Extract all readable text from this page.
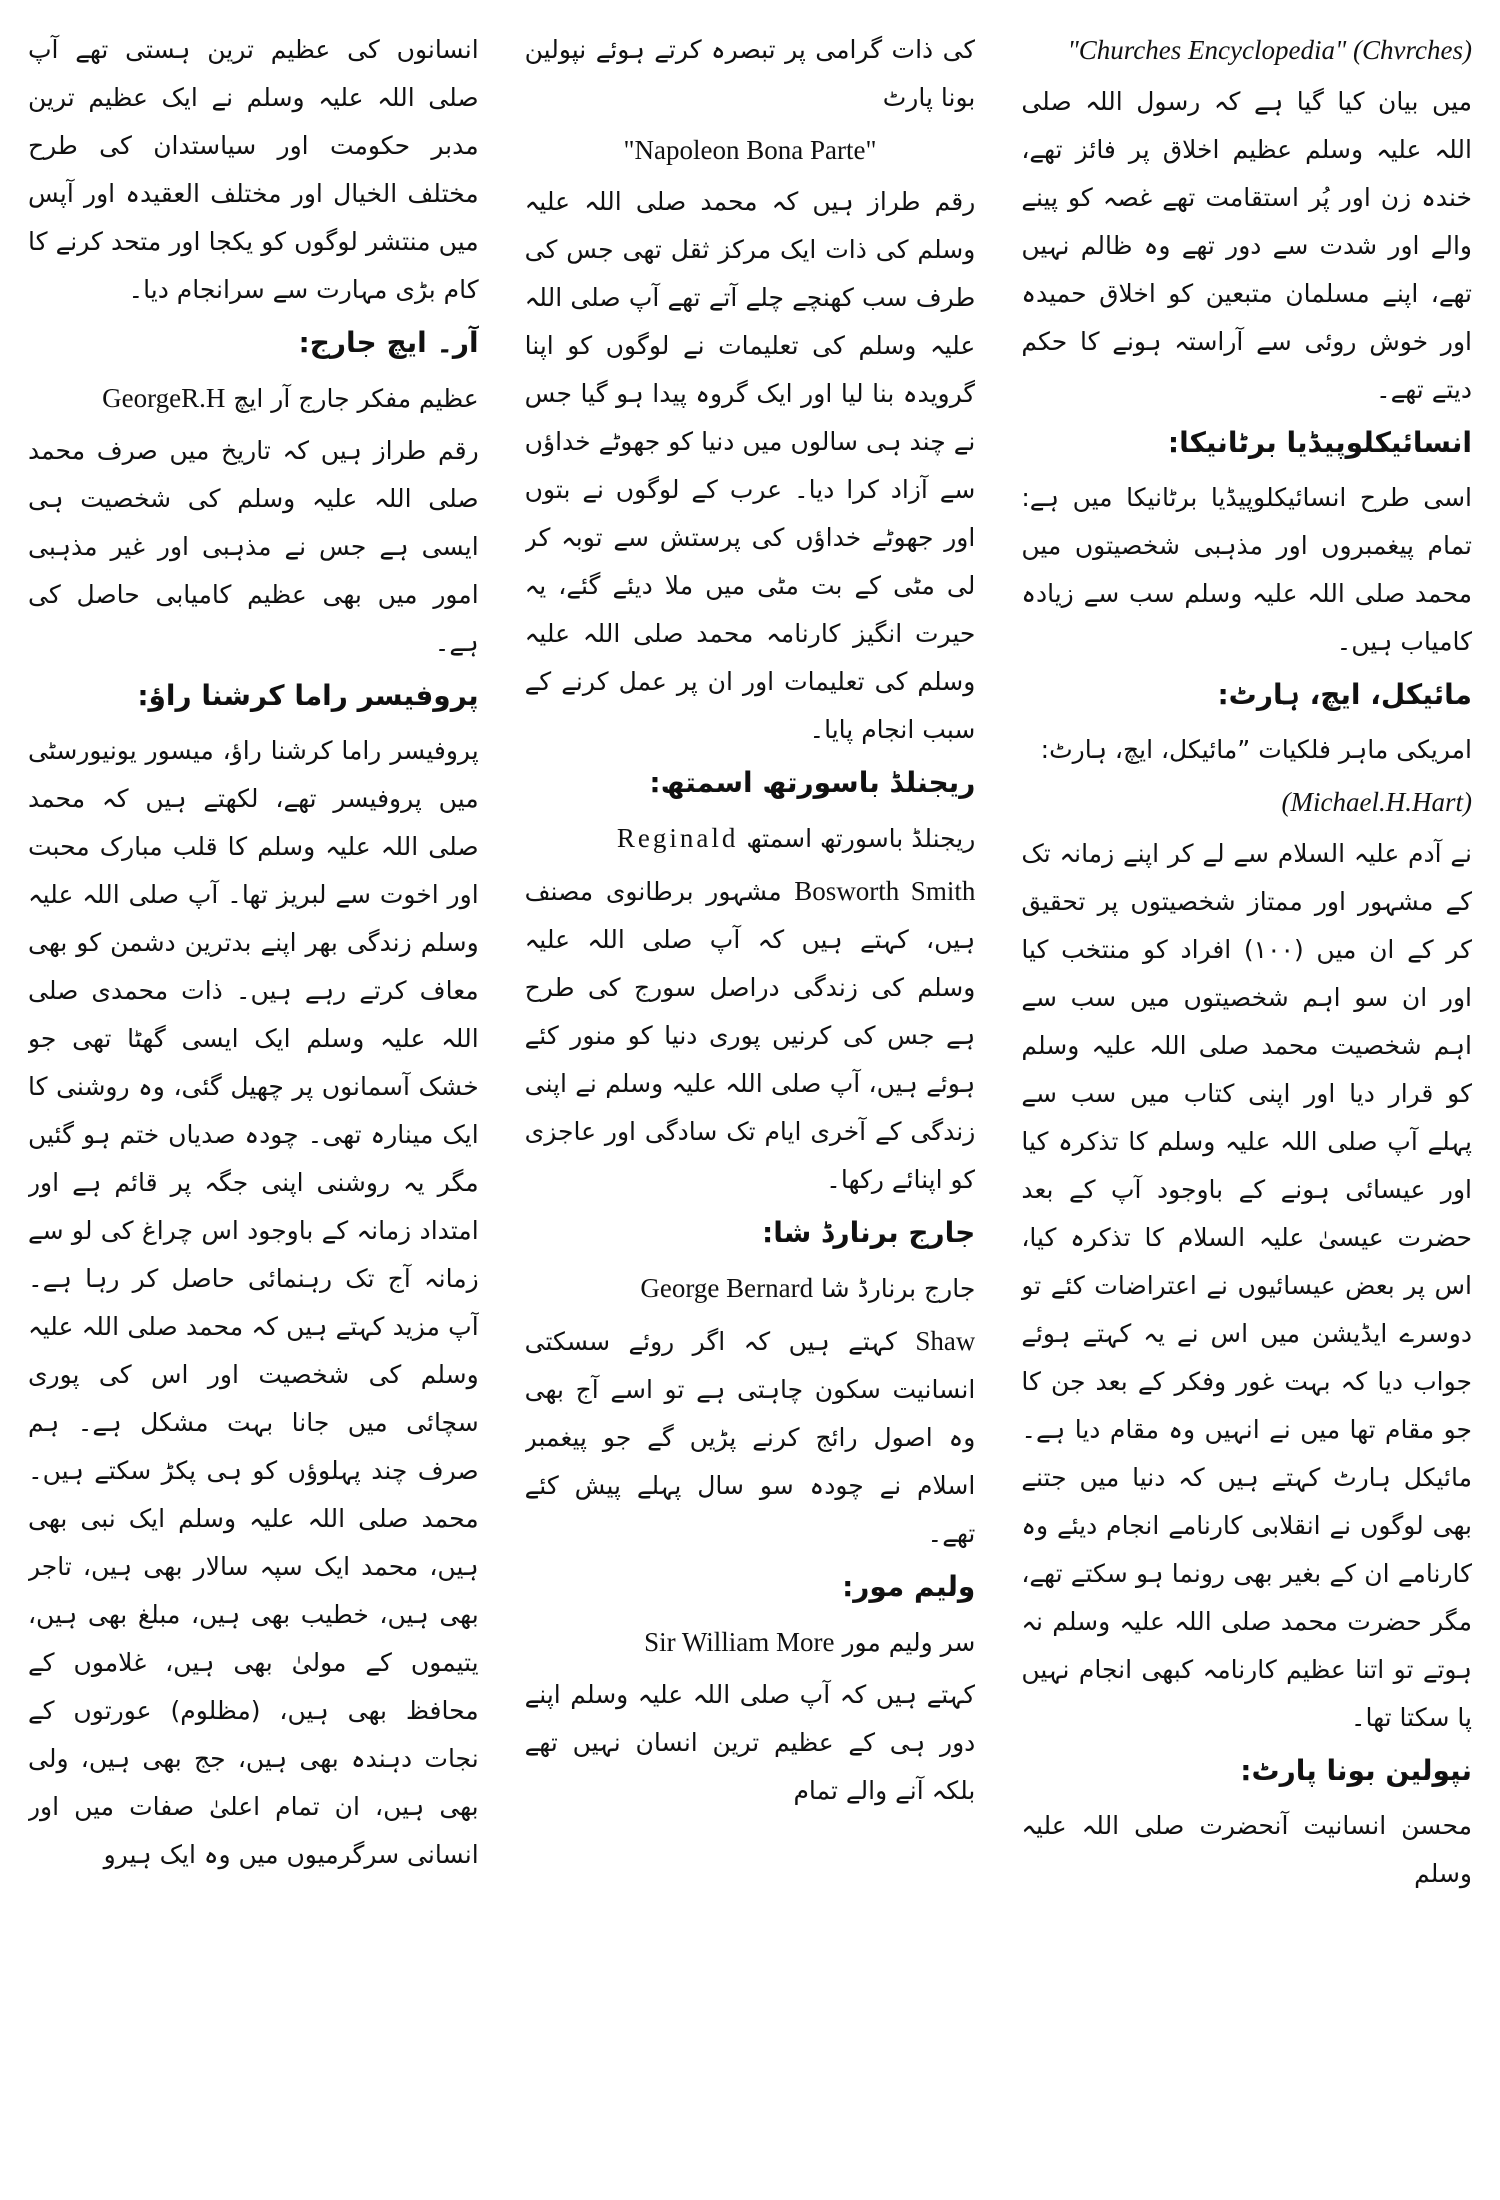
"Churches Encyclopedia" (Chvrches)

میں بیان کیا گیا ہے کہ رسول اللہ صلی اللہ علیہ وسلم عظیم اخلاق پر فائز تھے، خندہ زن اور پُر استقامت تھے غصہ کو پینے والے اور شدت سے دور تھے وہ ظالم نہیں تھے، اپنے مسلمان متبعین کو اخلاق حمیدہ اور خوش روئی سے آراستہ ہونے کا حکم دیتے تھے۔

انسائیکلوپیڈیا برٹانیکا:

اسی طرح انسائیکلوپیڈیا برٹانیکا میں ہے: تمام پیغمبروں اور مذہبی شخصیتوں میں محمد صلی اللہ علیہ وسلم سب سے زیادہ کامیاب ہیں۔

مائیکل، ایچ، ہارٹ:

امریکی ماہر فلکیات ”مائیکل، ایچ، ہارٹ:

(Michael.H.Hart)

نے آدم علیہ السلام سے لے کر اپنے زمانہ تک کے مشہور اور ممتاز شخصیتوں پر تحقیق کر کے ان میں (١٠٠) افراد کو منتخب کیا اور ان سو اہم شخصیتوں میں سب سے اہم شخصیت محمد صلی اللہ علیہ وسلم کو قرار دیا اور اپنی کتاب میں سب سے پہلے آپ صلی اللہ علیہ وسلم کا تذکرہ کیا اور عیسائی ہونے کے باوجود آپ کے بعد حضرت عیسیٰ علیہ السلام کا تذکرہ کیا، اس پر بعض عیسائیوں نے اعتراضات کئے تو دوسرے ایڈیشن میں اس نے یہ کہتے ہوئے جواب دیا کہ بہت غور وفکر کے بعد جن کا جو مقام تھا میں نے انہیں وہ مقام دیا ہے۔ مائیکل ہارٹ کہتے ہیں کہ دنیا میں جتنے بھی لوگوں نے انقلابی کارنامے انجام دیئے وہ کارنامے ان کے بغیر بھی رونما ہو سکتے تھے، مگر حضرت محمد صلی اللہ علیہ وسلم نہ ہوتے تو اتنا عظیم کارنامہ کبھی انجام نہیں پا سکتا تھا۔

نپولین بونا پارٹ:

محسن انسانیت آنحضرت صلی اللہ علیہ وسلم

کی ذات گرامی پر تبصرہ کرتے ہوئے نپولین بونا پارٹ

"Napoleon Bona Parte"

رقم طراز ہیں کہ محمد صلی اللہ علیہ وسلم کی ذات ایک مرکز ثقل تھی جس کی طرف سب کھنچے چلے آتے تھے آپ صلی اللہ علیہ وسلم کی تعلیمات نے لوگوں کو اپنا گرویدہ بنا لیا اور ایک گروہ پیدا ہو گیا جس نے چند ہی سالوں میں دنیا کو جھوٹے خداؤں سے آزاد کرا دیا۔ عرب کے لوگوں نے بتوں اور جھوٹے خداؤں کی پرستش سے توبہ کر لی مٹی کے بت مٹی میں ملا دیئے گئے، یہ حیرت انگیز کارنامہ محمد صلی اللہ علیہ وسلم کی تعلیمات اور ان پر عمل کرنے کے سبب انجام پایا۔

ریجنلڈ باسورتھ اسمتھ:

ریجنلڈ باسورتھ اسمتھ Reginald

Bosworth Smith مشہور برطانوی مصنف ہیں، کہتے ہیں کہ آپ صلی اللہ علیہ وسلم کی زندگی دراصل سورج کی طرح ہے جس کی کرنیں پوری دنیا کو منور کئے ہوئے ہیں، آپ صلی اللہ علیہ وسلم نے اپنی زندگی کے آخری ایام تک سادگی اور عاجزی کو اپنائے رکھا۔

جارج برنارڈ شا:

جارج برنارڈ شا George Bernard

Shaw کہتے ہیں کہ اگر روئے سسکتی انسانیت سکون چاہتی ہے تو اسے آج بھی وہ اصول رائج کرنے پڑیں گے جو پیغمبر اسلام نے چودہ سو سال پہلے پیش کئے تھے۔

ولیم مور:

سر ولیم مور Sir William More

کہتے ہیں کہ آپ صلی اللہ علیہ وسلم اپنے دور ہی کے عظیم ترین انسان نہیں تھے بلکہ آنے والے تمام

انسانوں کی عظیم ترین ہستی تھے آپ صلی اللہ علیہ وسلم نے ایک عظیم ترین مدبر حکومت اور سیاستدان کی طرح مختلف الخیال اور مختلف العقیدہ اور آپس میں منتشر لوگوں کو یکجا اور متحد کرنے کا کام بڑی مہارت سے سرانجام دیا۔

آر۔ ایچ جارج:

عظیم مفکر جارج آر ایچ GeorgeR.H

رقم طراز ہیں کہ تاریخ میں صرف محمد صلی اللہ علیہ وسلم کی شخصیت ہی ایسی ہے جس نے مذہبی اور غیر مذہبی امور میں بھی عظیم کامیابی حاصل کی ہے۔

پروفیسر راما کرشنا راؤ:

پروفیسر راما کرشنا راؤ، میسور یونیورسٹی میں پروفیسر تھے، لکھتے ہیں کہ محمد صلی اللہ علیہ وسلم کا قلب مبارک محبت اور اخوت سے لبریز تھا۔ آپ صلی اللہ علیہ وسلم زندگی بھر اپنے بدترین دشمن کو بھی معاف کرتے رہے ہیں۔ ذات محمدی صلی اللہ علیہ وسلم ایک ایسی گھٹا تھی جو خشک آسمانوں پر چھیل گئی، وہ روشنی کا ایک مینارہ تھی۔ چودہ صدیاں ختم ہو گئیں مگر یہ روشنی اپنی جگہ پر قائم ہے اور امتداد زمانہ کے باوجود اس چراغ کی لو سے زمانہ آج تک رہنمائی حاصل کر رہا ہے۔ آپ مزید کہتے ہیں کہ محمد صلی اللہ علیہ وسلم کی شخصیت اور اس کی پوری سچائی میں جانا بہت مشکل ہے۔ ہم صرف چند پہلوؤں کو ہی پکڑ سکتے ہیں۔ محمد صلی اللہ علیہ وسلم ایک نبی بھی ہیں، محمد ایک سپہ سالار بھی ہیں، تاجر بھی ہیں، خطیب بھی ہیں، مبلغ بھی ہیں، یتیموں کے مولیٰ بھی ہیں، غلاموں کے محافظ بھی ہیں، (مظلوم) عورتوں کے نجات دہندہ بھی ہیں، جج بھی ہیں، ولی بھی ہیں، ان تمام اعلیٰ صفات میں اور انسانی سرگرمیوں میں وہ ایک ہیرو
